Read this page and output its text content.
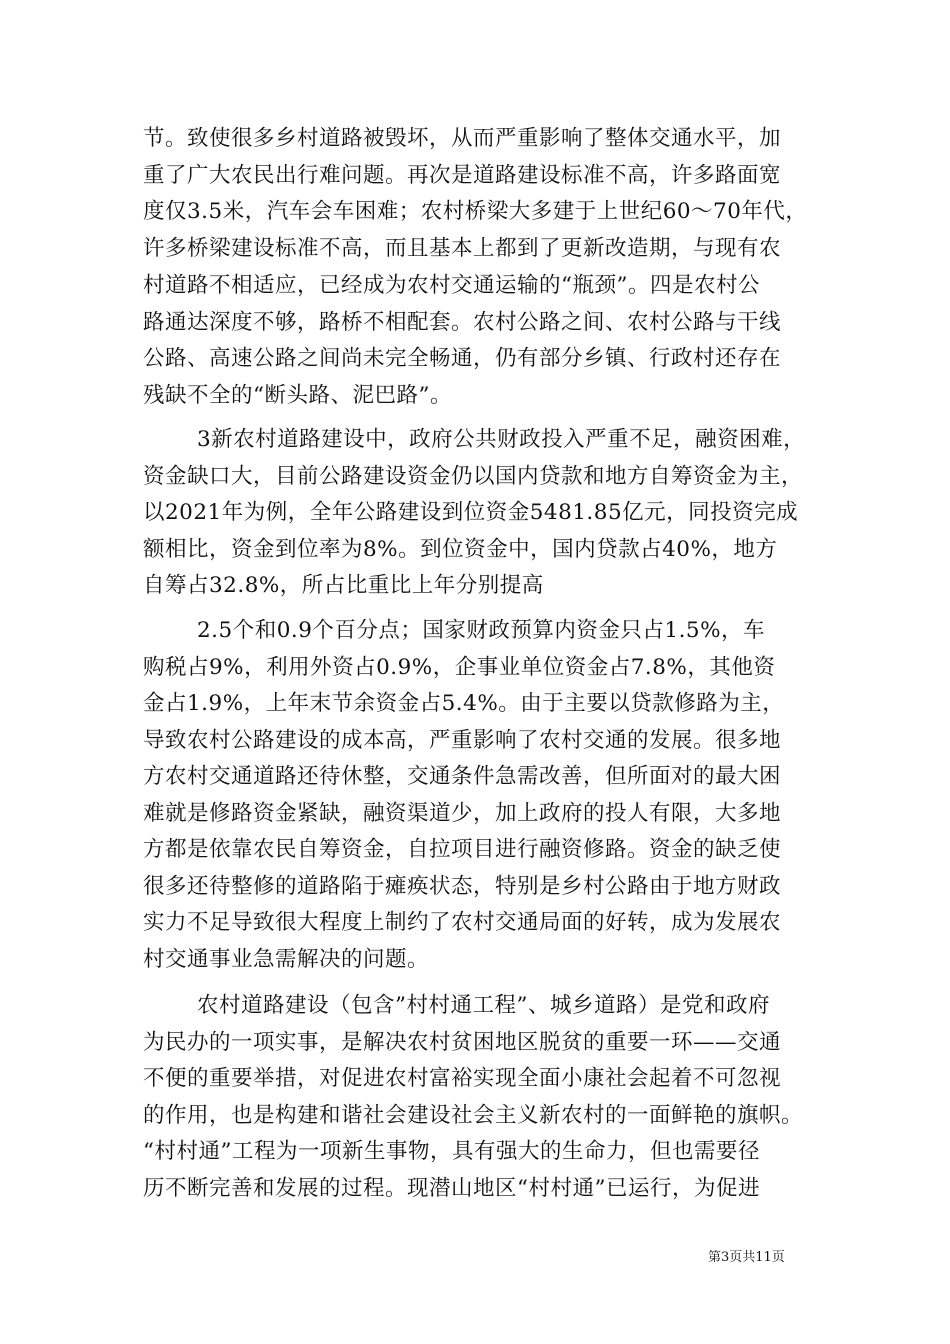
节。致使很多乡村道路被毁坏，从而严重影响了整体交通水平，加
重了广大农民出行难问题。再次是道路建设标准不高，许多路面宽
度仅3.5米，汽车会车困难；农村桥梁大多建于上世纪60～70年代，
许多桥梁建设标准不高，而且基本上都到了更新改造期，与现有农
村道路不相适应，已经成为农村交通运输的“瓶颈”。四是农村公
路通达深度不够，路桥不相配套。农村公路之间、农村公路与干线
公路、高速公路之间尚未完全畅通，仍有部分乡镇、行政村还存在
残缺不全的“断头路、泥巴路”。
3新农村道路建设中，政府公共财政投入严重不足，融资困难，
资金缺口大，目前公路建设资金仍以国内贷款和地方自筹资金为主，
以2021年为例，全年公路建设到位资金5481.85亿元，同投资完成
额相比，资金到位率为8%。到位资金中，国内贷款占40%，地方
自筹占32.8%，所占比重比上年分别提高
2.5个和0.9个百分点；国家财政预算内资金只占1.5%，车
购税占9%，利用外资占0.9%，企事业单位资金占7.8%，其他资
金占1.9%，上年末节余资金占5.4%。由于主要以贷款修路为主，
导致农村公路建设的成本高，严重影响了农村交通的发展。很多地
方农村交通道路还待休整，交通条件急需改善，但所面对的最大困
难就是修路资金紧缺，融资渠道少，加上政府的投人有限，大多地
方都是依靠农民自筹资金，自拉项目进行融资修路。资金的缺乏使
很多还待整修的道路陷于瘫痪状态，特别是乡村公路由于地方财政
实力不足导致很大程度上制约了农村交通局面的好转，成为发展农
村交通事业急需解决的问题。
农村道路建设（包含”村村通工程”、城乡道路）是党和政府
为民办的一项实事，是解决农村贫困地区脱贫的重要一环——交通
不便的重要举措，对促进农村富裕实现全面小康社会起着不可忽视
的作用，也是构建和谐社会建设社会主义新农村的一面鲜艳的旗帜。
“村村通”工程为一项新生事物，具有强大的生命力，但也需要径
历不断完善和发展的过程。现潜山地区“村村通”已运行，为促进
第3页共11页
